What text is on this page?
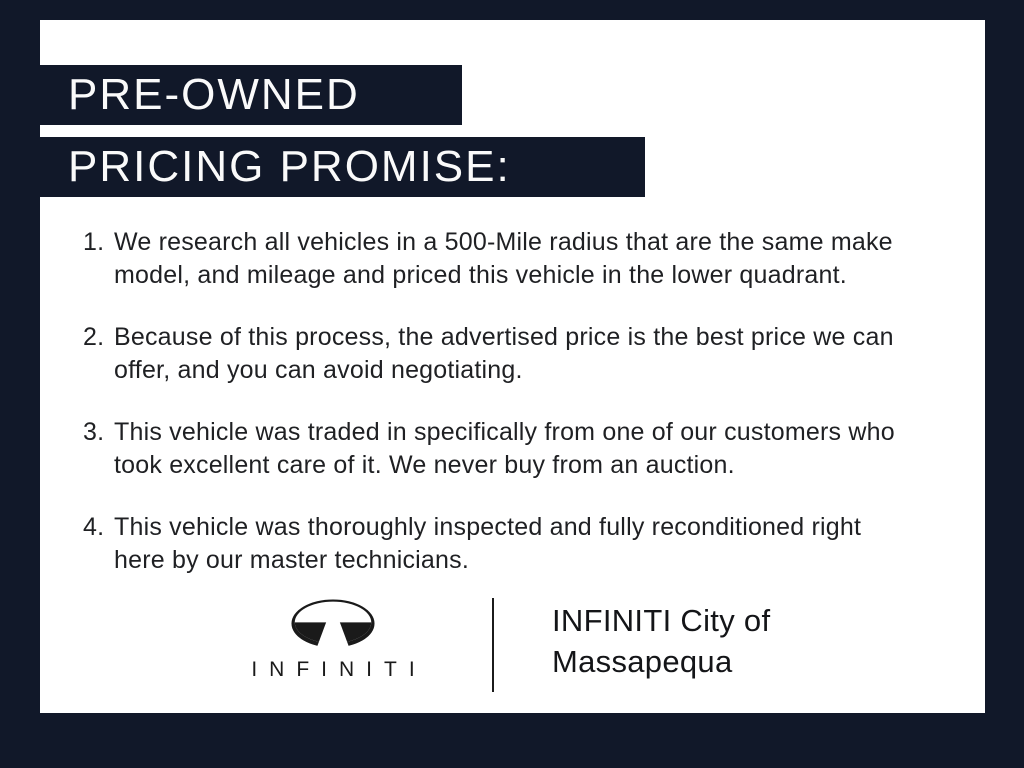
PRE-OWNED
PRICING PROMISE:
1. We research all vehicles in a 500-Mile radius that are the same make
model, and mileage and priced this vehicle in the lower quadrant.
2. Because of this process, the advertised price is the best price we can
offer, and you can avoid negotiating.
3. This vehicle was traded in specifically from one of our customers who
took excellent care of it. We never buy from an auction.
4. This vehicle was thoroughly inspected and fully reconditioned right
here by our master technicians.
INFINITI
INFINITI City of
Massapequa
